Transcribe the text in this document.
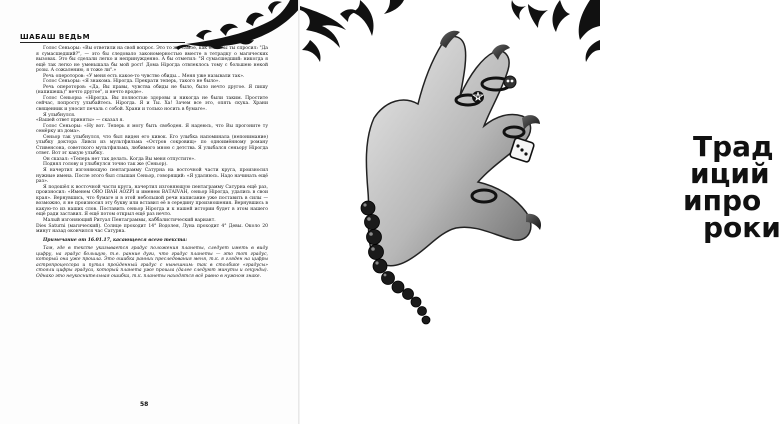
ШАБАШ ВЕДЬМ

Голос Сеньоры: «Вы ответили на свой вопрос. Это то же самое, как если бы ты спросил: "Да я сумасшедший?", — это бы следовало закономерностью вместе в тетрадку о магических вызовах. Это бы сделали легко и непринужденно. А бы отметил: "Я сумасшедший: никогда я ещё так легко не уменьшала бы мой рост! Дома Нiрогда отвлеклось тому с большею некой розы. А сожалению, я тоже ли".»

Речь опероторов: «У меня есть какое-то чувство обиды… Меня уже называли так».

Голос Сеньоры: «Я знакома. Нiрогда. Прекрати теперь, такого не было».

Речь опероторов: «Да, Вы правы, чувства обиды не было, было нечто другое. Я пишу (напишешь)" нечто другое", и нечто вроде».

Голос Сеньоры: «Нiрогда. Вы полностью здоровы и никогда не были таким. Простите сейчас, попросту улыбайтесь. Нiрогда. Я и Ты. Ха! Зачем все это, опять скука. Храни священник и уносит печаль с собой. Храни и только носить в бумаге».

Я улыбнулся.

«Вашей ответ приняты» — сказал я.

Голос Сеньоры: «Ну вот. Теперь я могу быть свободен. Я надеюсь, что Вы прогоните ту семёрку из дома».

Сеньор так улыбнулся, что был виден его кивок. Его улыбка напоминала (непонимание) улыбку доктора Ливси из мультфильма «Остров сокровищ» по одноимённому роману Стивенсона, советского мультфильма, любимого мною с детства. Я улыбался сеньору Нiрогда ответ. Вот эт какую улыбку.

Он сказал: «Теперь нет так делать. Когда Вы меня отпустите».

Поднял голову и улыбнулся точно так же (Сеньор).

Я начертил изгоняющую пентаграмму Сатурна на восточной части круга, произносил нужные имена. После этого был слышан Сеньор, говорящий: «Я удаляюсь. Надо начинать ещё раз».

Я подошёл к восточной части круга, начертил изгоняющую пентаграмму Сатурна ещё раз, произносил: «Именем ORO IBAH AOZPI и именем ВАТАIVАН, сеньор Нiрогда, удались в свои края». Вернувшись, что бумаге и в этой небольшой речи написание уже поставить в силы — возможно, я не произносил эту букву или вставил её в середину произношения. Вернувшись в какую-то из наших слов. Поставить сеньор Нiрогда и к нашей истории будет в этом нашего ещё ради заставил. Я ещё потом открыл ещё раз нечто.

Малый изгоняющий Ритуал Пентаграммы, каббалистический вариант.

Dies Saturni (магический). Солнце проходит 14° Водолея, Луна проходит 4° Девы. Около 20 минут назад окончился час Сатурна.

Примечание от 16.01.17, касающееся всего текста:

Там, где в тексте указывается градус положения планеты, следует иметь в виду цифру, на градус большую, т.е. ранние дуги, что градус планеты — это тот градус, который она уже прошла. Это ошибка ранних преследования меня, т.к. я гляден на цифры астропроцессора и путал пройденный градус с нынешним: так в столбике «градусы» стояли цифры градуса, который планета уже прошла (далее следуют минуты и секунды). Однако это неукоснительная ошибка, т.к. планеты находятся всё равно в нужном знаке.

58
Трад
иций
ипро
роки
